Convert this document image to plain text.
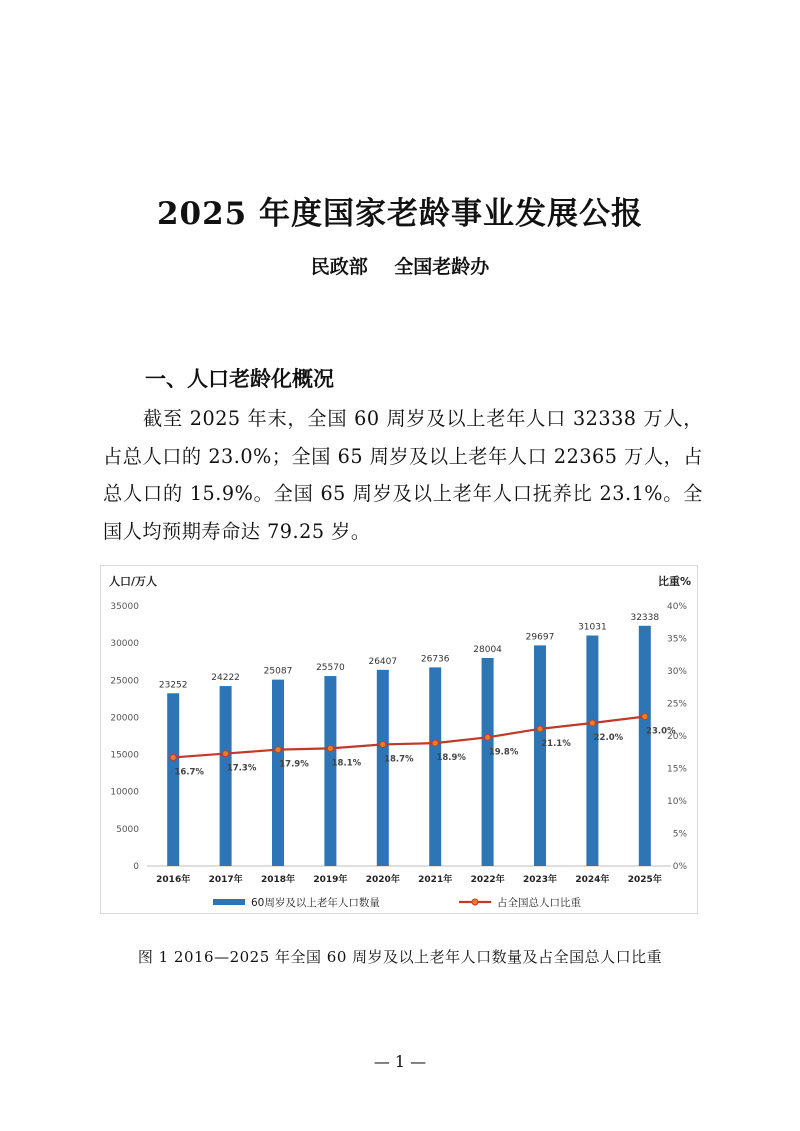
2025 年度国家老龄事业发展公报
民政部    全国老龄办
一、人口老龄化概况
截至 2025 年末，全国 60 周岁及以上老年人口 32338 万人，占总人口的 23.0%；全国 65 周岁及以上老年人口 22365 万人，占总人口的 15.9%。全国 65 周岁及以上老年人口抚养比 23.1%。全国人均预期寿命达 79.25 岁。
人口/万人	比重%
0
5000
10000
15000
20000
25000
30000
35000
0%
5%
10%
15%
20%
25%
30%
35%
40%
23252
24222
25087	25570
26407	26736
28004
29697
31031
32338
16.7%	17.3%	17.9%	18.1%	18.7%	18.9%
19.8%
21.1%
22.0%
23.0%
2016年 2017年 2018年 2019年 2020年 2021年 2022年 2023年 2024年 2025年
60周岁及以上老年人口数量	占全国总人口比重
图 1 2016—2025 年全国 60 周岁及以上老年人口数量及占全国总人口比重
— 1 —
